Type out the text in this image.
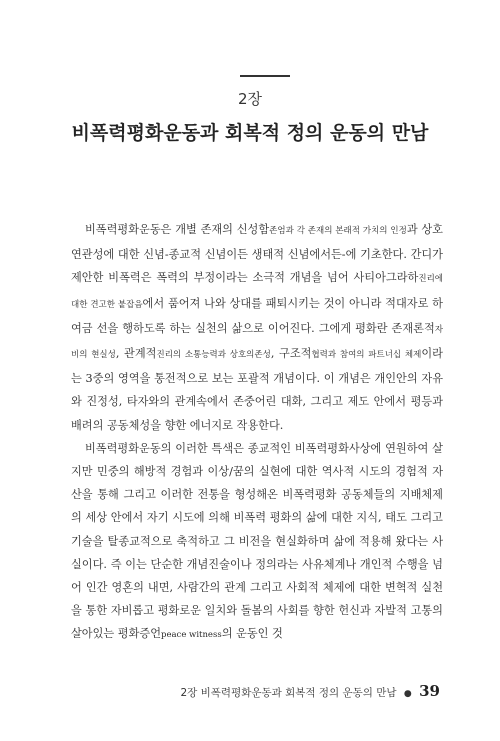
2장
비폭력평화운동과 회복적 정의 운동의 만남

비폭력평화운동은 개별 존재의 신성함존엄과 각 존재의 본래적 가치의 인정과 상호연관성에 대한 신념-종교적 신념이든 생태적 신념에서든-에 기초한다. 간디가 제안한 비폭력은 폭력의 부정이라는 소극적 개념을 넘어 사티아그라하진리에 대한 견고한 붙잡음에서 품어져 나와 상대를 패퇴시키는 것이 아니라 적대자로 하여금 선을 행하도록 하는 실천의 삶으로 이어진다. 그에게 평화란 존재론적자비의 현실성, 관계적진리의 소통능력과 상호의존성, 구조적협력과 참여의 파트너십 체제이라는 3중의 영역을 통전적으로 보는 포괄적 개념이다. 이 개념은 개인안의 자유와 진정성, 타자와의 관계속에서 존중어린 대화, 그리고 제도 안에서 평등과 배려의 공동체성을 향한 에너지로 작용한다.

비폭력평화운동의 이러한 특색은 종교적인 비폭력평화사상에 연원하여 살지만 민중의 해방적 경험과 이상/꿈의 실현에 대한 역사적 시도의 경험적 자산을 통해 그리고 이러한 전통을 형성해온 비폭력평화 공동체들의 지배체제의 세상 안에서 자기 시도에 의해 비폭력 평화의 삶에 대한 지식, 태도 그리고 기술을 탈종교적으로 축적하고 그 비전을 현실화하며 삶에 적용해 왔다는 사실이다. 즉 이는 단순한 개념진술이나 정의라는 사유체계나 개인적 수행을 넘어 인간 영혼의 내면, 사람간의 관계 그리고 사회적 체제에 대한 변혁적 실천을 통한 자비롭고 평화로운 일치와 돌봄의 사회를 향한 헌신과 자발적 고통의 살아있는 평화증언peace witness의 운동인 것

2장 비폭력평화운동과 회복적 정의 운동의 만남 ● 39
